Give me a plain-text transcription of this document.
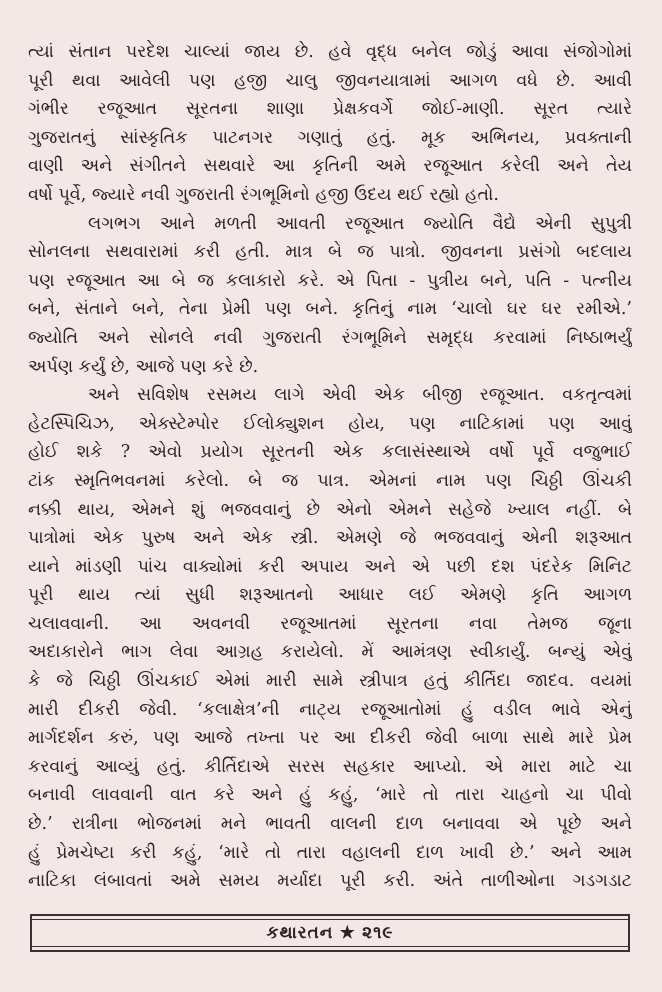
ત્યાં સંતાન પરદેશ ચાલ્યાં જાય છે. હવે વૃદ્ધ બનેલ જોડું આવા સંજોગોમાં
પૂરી થવા આવેલી પણ હજી ચાલુ જીવનયાત્રામાં આગળ વધે છે. આવી
ગંભીર રજૂઆત સૂરતના શાણા પ્રેક્ષકવર્ગે જોઈ-માણી. સૂરત ત્યારે
ગુજરાતનું સાંસ્કૃતિક પાટનગર ગણાતું હતું. મૂક અભિનય, પ્રવક્તાની
વાણી અને સંગીતને સથવારે આ કૃતિની અમે રજૂઆત કરેલી અને તેય
વર્ષો પૂર્વે, જ્યારે નવી ગુજરાતી રંગભૂમિનો હજી ઉદય થઈ રહ્યો હતો.
લગભગ આને મળતી આવતી રજૂઆત જ્યોતિ વૈદ્યે એની સુપુત્રી
સોનલના સથવારામાં કરી હતી. માત્ર બે જ પાત્રો. જીવનના પ્રસંગો બદલાય
પણ રજૂઆત આ બે જ કલાકારો કરે. એ પિતા - પુત્રીય બને, પતિ - પત્નીય
બને, સંતાને બને, તેના પ્રેમી પણ બને. કૃતિનું નામ ‘ચાલો ઘર ઘર રમીએ.’
જ્યોતિ અને સોનલે નવી ગુજરાતી રંગભૂમિને સમૃદ્ધ કરવામાં નિષ્ઠાભર્યું
અર્પણ કર્યું છે, આજે પણ કરે છે.
અને સવિશેષ રસમય લાગે એવી એક બીજી રજૂઆત. વકતૃત્વમાં
હેટસ્પિચિઝ, એક્સ્ટેમ્પોર ઈલોક્યુશન હોય, પણ નાટિકામાં પણ આવું
હોઈ શકે ? એવો પ્રયોગ સૂરતની એક કલાસંસ્થાએ વર્ષો પૂર્વે વજુભાઈ
ટાંક સ્મૃતિભવનમાં કરેલો. બે જ પાત્ર. એમનાં નામ પણ ચિઠ્ઠી ઊંચકી
નક્કી થાય, એમને શું ભજવવાનું છે એનો એમને સહેજે ખ્યાલ નહીં. બે
પાત્રોમાં એક પુરુષ અને એક સ્ત્રી. એમણે જે ભજવવાનું એની શરૂઆત
યાને માંડણી પાંચ વાક્યોમાં કરી અપાય અને એ પછી દશ પંદરેક મિનિટ
પૂરી થાય ત્યાં સુધી શરૂઆતનો આધાર લઈ એમણે કૃતિ આગળ
ચલાવવાની. આ અવનવી રજૂઆતમાં સૂરતના નવા તેમજ જૂના
અદાકારોને ભાગ લેવા આગ્રહ કરાયેલો. મેં આમંત્રણ સ્વીકાર્યું. બન્યું એવું
કે જે ચિઠ્ઠી ઊંચકાઈ એમાં મારી સામે સ્ત્રીપાત્ર હતું કીર્તિદા જાદવ. વયમાં
મારી દીકરી જેવી. ‘કલાક્ષેત્ર’ની નાટ્ય રજૂઆતોમાં હું વડીલ ભાવે એનું
માર્ગદર્શન કરું, પણ આજે તખ્તા પર આ દીકરી જેવી બાળા સાથે મારે પ્રેમ
કરવાનું આવ્યું હતું. કીર્તિદાએ સરસ સહકાર આપ્યો. એ મારા માટે ચા
બનાવી લાવવાની વાત કરે અને હું કહું, ‘મારે તો તારા ચાહનો ચા પીવો
છે.’ રાત્રીના ભોજનમાં મને ભાવતી વાલની દાળ બનાવવા એ પૂછે અને
હું પ્રેમચેષ્ટા કરી કહું, ‘મારે તો તારા વહાલની દાળ ખાવી છે.’ અને આમ
નાટિકા લંબાવતાં અમે સમય મર્યાદા પૂરી કરી. અંતે તાળીઓના ગડગડાટ
કથારતન ★ ૨૧૯
